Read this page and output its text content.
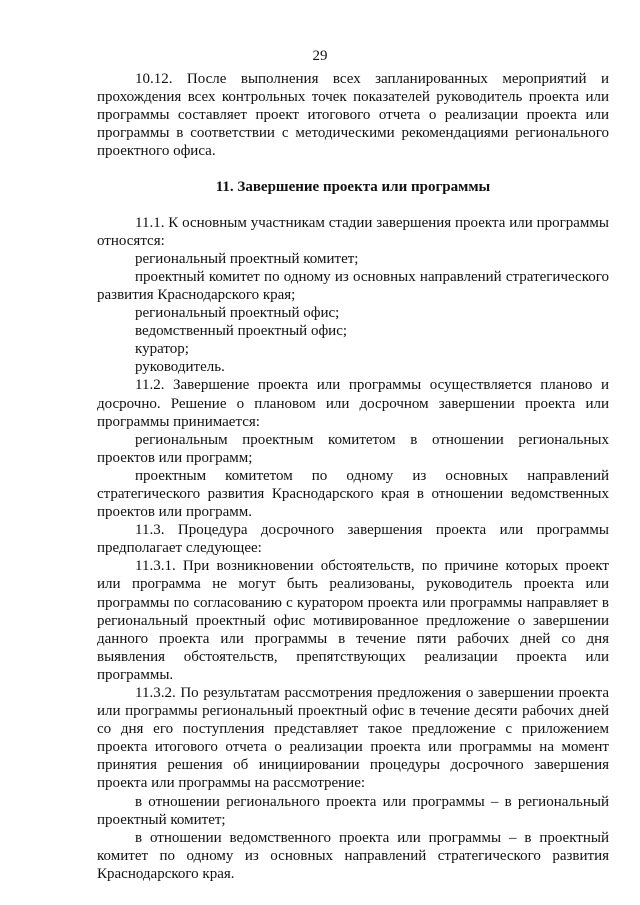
29

10.12. После выполнения всех запланированных мероприятий и прохождения всех контрольных точек показателей руководитель проекта или программы составляет проект итогового отчета о реализации проекта или программы в соответствии с методическими рекомендациями регионального проектного офиса.

11. Завершение проекта или программы

11.1. К основным участникам стадии завершения проекта или программы относятся:

региональный проектный комитет;

проектный комитет по одному из основных направлений стратегического развития Краснодарского края;

региональный проектный офис;

ведомственный проектный офис;

куратор;

руководитель.

11.2. Завершение проекта или программы осуществляется планово и досрочно. Решение о плановом или досрочном завершении проекта или программы принимается:

региональным проектным комитетом в отношении региональных проектов или программ;

проектным комитетом по одному из основных направлений стратегического развития Краснодарского края в отношении ведомственных проектов или программ.

11.3. Процедура досрочного завершения проекта или программы предполагает следующее:

11.3.1. При возникновении обстоятельств, по причине которых проект или программа не могут быть реализованы, руководитель проекта или программы по согласованию с куратором проекта или программы направляет в региональный проектный офис мотивированное предложение о завершении данного проекта или программы в течение пяти рабочих дней со дня выявления обстоятельств, препятствующих реализации проекта или программы.

11.3.2. По результатам рассмотрения предложения о завершении проекта или программы региональный проектный офис в течение десяти рабочих дней со дня его поступления представляет такое предложение с приложением проекта итогового отчета о реализации проекта или программы на момент принятия решения об инициировании процедуры досрочного завершения проекта или программы на рассмотрение:

в отношении регионального проекта или программы – в региональный проектный комитет;

в отношении ведомственного проекта или программы – в проектный комитет по одному из основных направлений стратегического развития Краснодарского края.
